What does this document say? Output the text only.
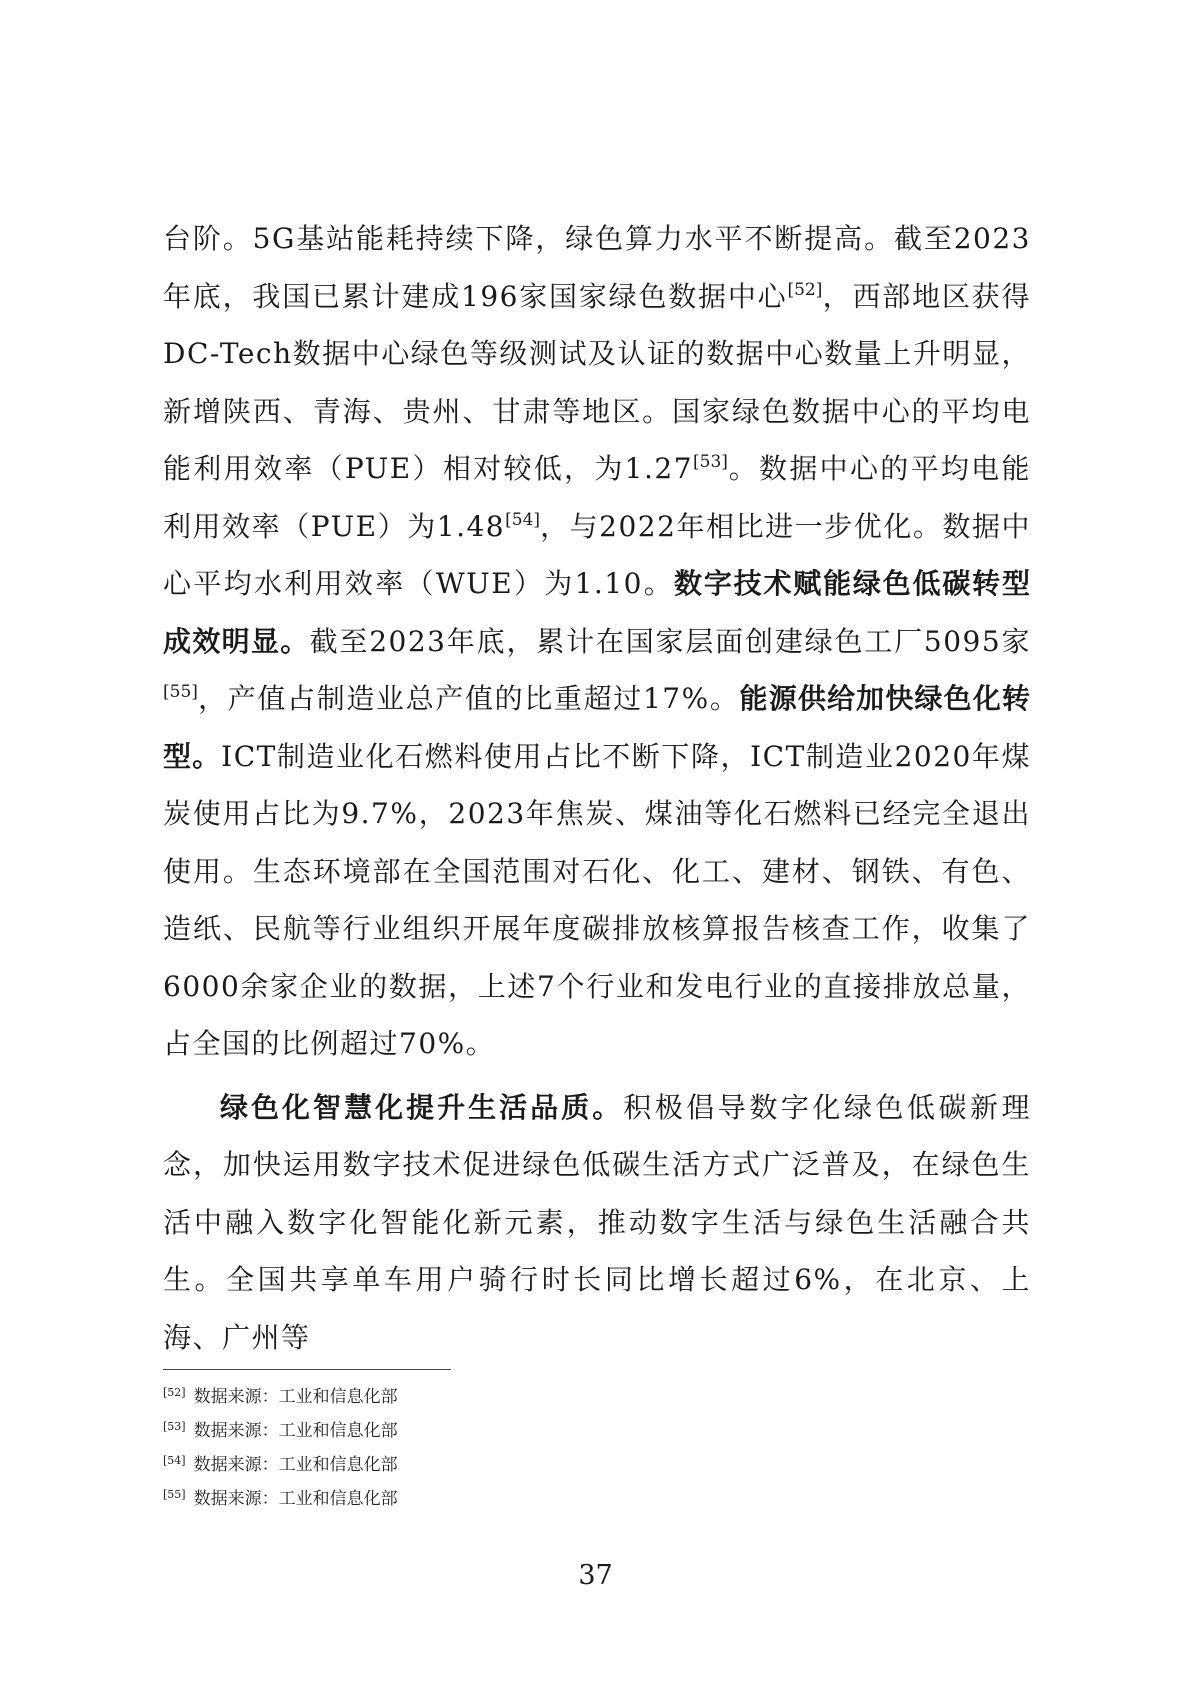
台阶。5G基站能耗持续下降，绿色算力水平不断提高。截至2023年底，我国已累计建成196家国家绿色数据中心[52]，西部地区获得DC-Tech数据中心绿色等级测试及认证的数据中心数量上升明显，新增陕西、青海、贵州、甘肃等地区。国家绿色数据中心的平均电能利用效率（PUE）相对较低，为1.27[53]。数据中心的平均电能利用效率（PUE）为1.48[54]，与2022年相比进一步优化。数据中心平均水利用效率（WUE）为1.10。数字技术赋能绿色低碳转型成效明显。截至2023年底，累计在国家层面创建绿色工厂5095家[55]，产值占制造业总产值的比重超过17%。能源供给加快绿色化转型。ICT制造业化石燃料使用占比不断下降，ICT制造业2020年煤炭使用占比为9.7%，2023年焦炭、煤油等化石燃料已经完全退出使用。生态环境部在全国范围对石化、化工、建材、钢铁、有色、造纸、民航等行业组织开展年度碳排放核算报告核查工作，收集了6000余家企业的数据，上述7个行业和发电行业的直接排放总量，占全国的比例超过70%。

绿色化智慧化提升生活品质。积极倡导数字化绿色低碳新理念，加快运用数字技术促进绿色低碳生活方式广泛普及，在绿色生活中融入数字化智能化新元素，推动数字生活与绿色生活融合共生。全国共享单车用户骑行时长同比增长超过6%，在北京、上海、广州等

[52] 数据来源：工业和信息化部
[53] 数据来源：工业和信息化部
[54] 数据来源：工业和信息化部
[55] 数据来源：工业和信息化部
37
